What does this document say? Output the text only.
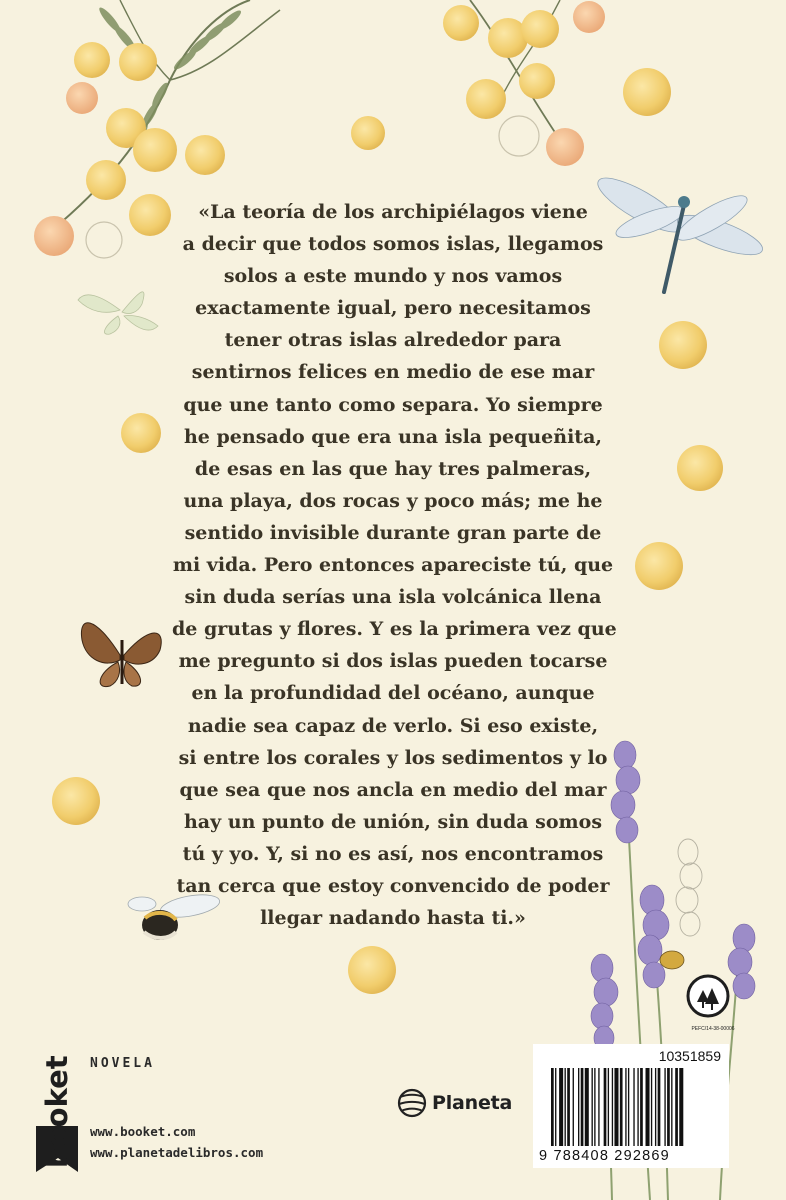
«La teoría de los archipiélagos viene
a decir que todos somos islas, llegamos
solos a este mundo y nos vamos
exactamente igual, pero necesitamos
tener otras islas alrededor para
sentirnos felices en medio de ese mar
que une tanto como separa. Yo siempre
he pensado que era una isla pequeñita,
de esas en las que hay tres palmeras,
una playa, dos rocas y poco más; me he
sentido invisible durante gran parte de
mi vida. Pero entonces apareciste tú, que
sin duda serías una isla volcánica llena
de grutas y flores. Y es la primera vez que
me pregunto si dos islas pueden tocarse
en la profundidad del océano, aunque
nadie sea capaz de verlo. Si eso existe,
si entre los corales y los sedimentos y lo
que sea que nos ancla en medio del mar
hay un punto de unión, sin duda somos
tú y yo. Y, si no es así, nos encontramos
tan cerca que estoy convencido de poder
llegar nadando hasta ti.»

NOVELA
booket	www.booket.com
www.planetadelibros.com
Planeta
PEFC/14-38-00006
10351859
9 788408 292869
